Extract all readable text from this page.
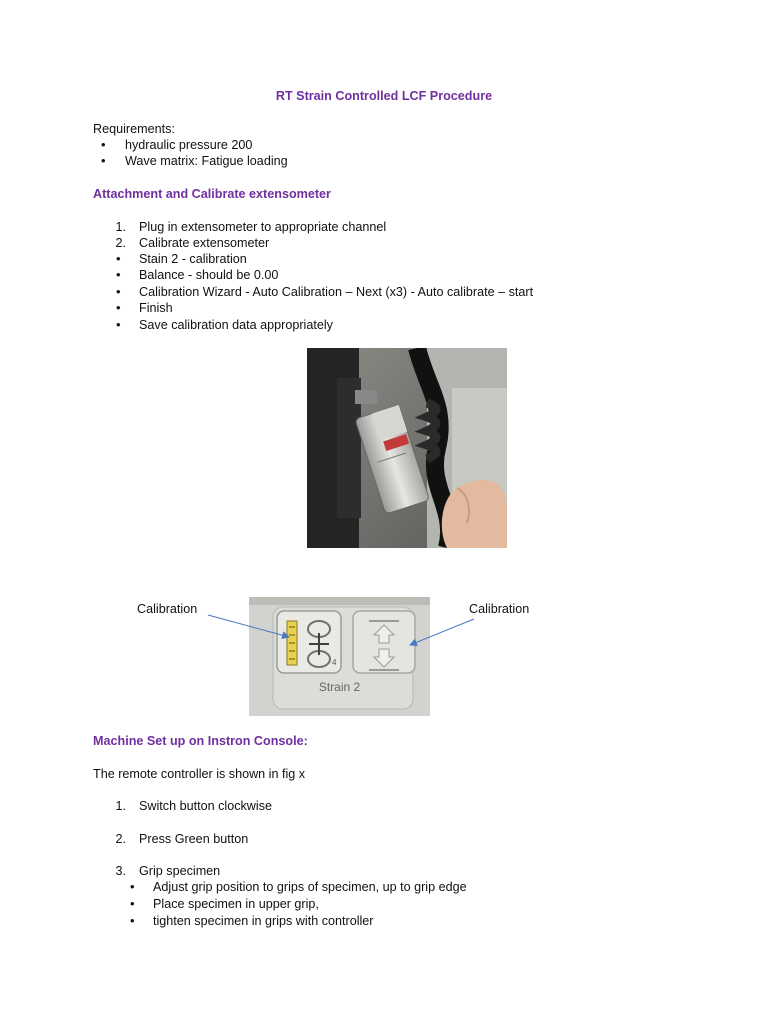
RT Strain Controlled LCF Procedure
Requirements:
• hydraulic pressure 200
• Wave matrix: Fatigue loading
Attachment and Calibrate extensometer
1. Plug in extensometer to appropriate channel
2. Calibrate extensometer
• Stain 2 - calibration
• Balance - should be 0.00
• Calibration Wizard - Auto Calibration – Next (x3) - Auto calibrate – start
• Finish
• Save calibration data appropriately
Calibration	Calibration
4
Strain 2
Machine Set up on Instron Console:
The remote controller is shown in fig x
1. Switch button clockwise
2. Press Green button
3. Grip specimen
• Adjust grip position to grips of specimen, up to grip edge
• Place specimen in upper grip,
• tighten specimen in grips with controller
